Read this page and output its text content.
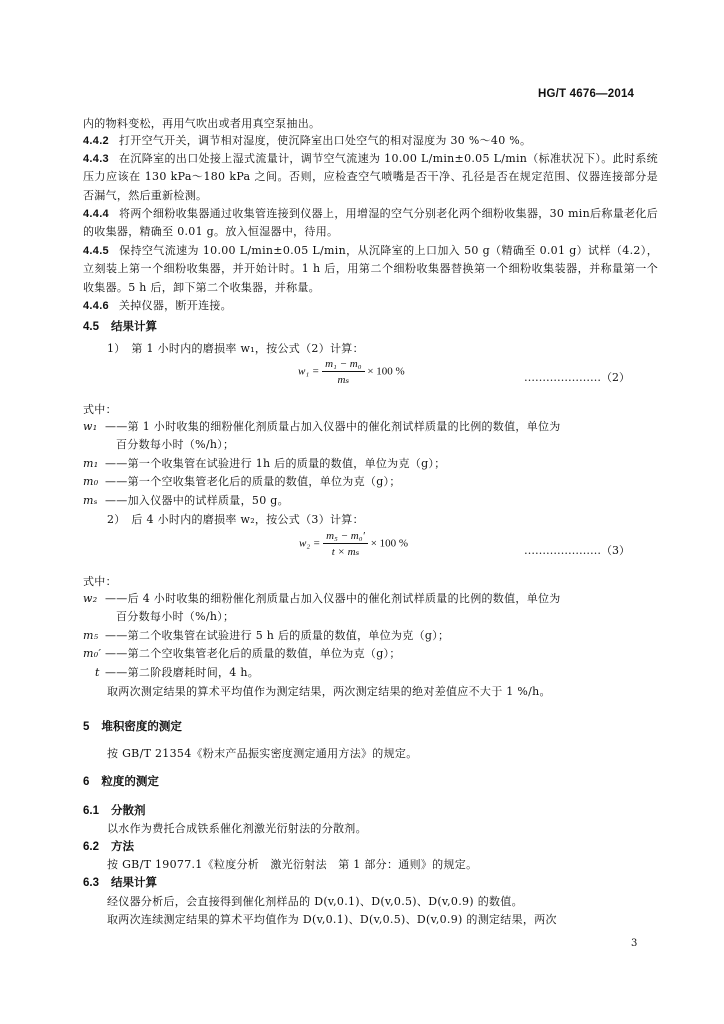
HG/T 4676—2014
内的物料变松，再用气吹出或者用真空泵抽出。
4.4.2 打开空气开关，调节相对湿度，使沉降室出口处空气的相对湿度为 30 %～40 %。
4.4.3 在沉降室的出口处接上湿式流量计，调节空气流速为 10.00 L/min±0.05 L/min（标准状况下）。此时系统压力应该在 130 kPa～180 kPa 之间。否则，应检查空气喷嘴是否干净、孔径是否在规定范围、仪器连接部分是否漏气，然后重新检测。
4.4.4 将两个细粉收集器通过收集管连接到仪器上，用增湿的空气分别老化两个细粉收集器，30 min后称量老化后的收集器，精确至 0.01 g。放入恒湿器中，待用。
4.4.5 保持空气流速为 10.00 L/min±0.05 L/min，从沉降室的上口加入 50 g（精确至 0.01 g）试样（4.2），立刻装上第一个细粉收集器，并开始计时。1 h 后，用第二个细粉收集器替换第一个细粉收集装器，并称量第一个收集器。5 h 后，卸下第二个收集器，并称量。
4.4.6 关掉仪器，断开连接。
4.5 结果计算
1）　第 1 小时内的磨损率 w₁，按公式（2）计算：
$w_1 = \frac{\text{m₁ − m₀}}{\text{mₛ}} \times 100$ %	…………………（2）
式中：
w₁ ——第 1 小时收集的细粉催化剂质量占加入仪器中的催化剂试样质量的比例的数值，单位为
百分数每小时（%/h）；
m₁ ——第一个收集管在试验进行 1h 后的质量的数值，单位为克（g）；
m₀ ——第一个空收集管老化后的质量的数值，单位为克（g）；
mₛ ——加入仪器中的试样质量，50 g。
2）　后 4 小时内的磨损率 w₂，按公式（3）计算：
$w_2 = \frac{\text{m₅ − m₀′}}{\text{t × mₛ}} \times 100$ %
…………………（3）
式中：
w₂ ——后 4 小时收集的细粉催化剂质量占加入仪器中的催化剂试样质量的比例的数值，单位为
百分数每小时（%/h）；
m₅ ——第二个收集管在试验进行 5 h 后的质量的数值，单位为克（g）；
m₀′ ——第二个空收集管老化后的质量的数值，单位为克（g）；
t ——第二阶段磨耗时间，4 h。
取两次测定结果的算术平均值作为测定结果，两次测定结果的绝对差值应不大于 1 %/h。
5 堆积密度的测定
按 GB/T 21354《粉末产品振实密度测定通用方法》的规定。
6 粒度的测定
6.1 分散剂
以水作为费托合成铁系催化剂激光衍射法的分散剂。
6.2 方法
按 GB/T 19077.1《粒度分析　激光衍射法　第 1 部分：通则》的规定。
6.3 结果计算
经仪器分析后，会直接得到催化剂样品的 D(v,0.1)、D(v,0.5)、D(v,0.9) 的数值。
取两次连续测定结果的算术平均值作为 D(v,0.1)、D(v,0.5)、D(v,0.9) 的测定结果，两次
3
